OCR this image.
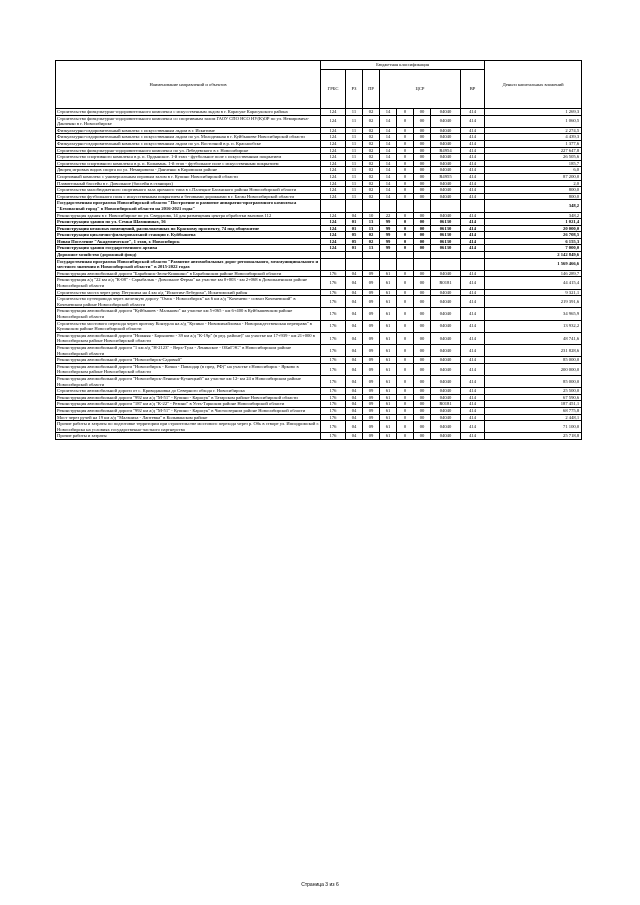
Наименование направлений и объектов	Бюджетная классификация								Деньги капитальных вложений
	ГРБС	РЗ	ПР	ЦСР				ВР	
Строительство физкультурно-оздоровительного комплекса с искусственным льдом в г. Карасуке Карасукского района	124	11	02	14	0	00	04040	414	1 269,3
Строительство физкультурно-оздоровительного комплекса со спортивным залом ГАОУ СПО НСО НУ(К)ОР по ул. Немировича-Данченко в г. Новосибирске	124	11	02	14	0	00	04040	414	1 060,5
Физкультурно-оздоровительный комплекс с искусственным льдом в г. Искитиме	124	11	02	14	0	00	04040	414	2 274,5
Физкультурно-оздоровительный комплекс с искусственным льдом по ул. Молодежная в г. Куйбышеве Новосибирской области	124	11	02	14	0	00	04040	414	4 439,3
Физкультурно-оздоровительный комплекс с искусственным льдом по ул. Восточной в р. п. Краснообске	124	11	02	14	0	00	04040	414	1 377,6
Строительство физкультурно-оздоровительного комплекса по ул. Лебедевского в г. Новосибирске	124	11	02	14	0	00	R4954	414	227 647,8
Строительство спортивного комплекса в р. п. Ордынское. 1-й этап - футбольное поле с искусственным покрытием	124	11	02	14	0	00	04040	414	26 505,6
Строительство спортивного комплекса в р. п. Колывань. 1-й этап - футбольное поле с искусственным покрытием	124	11	02	14	0	00	04040	414	185,7
Дворец игровых видов спорта по ул. Немировича - Данченко в Кировском районе	124	11	02	14	0	00	04040	414	6,0
Спортивный комплекс с универсальным игровым залом в г. Купино Новосибирской области	124	11	02	14	0	00	R4955	414	87 200,0
Плавательный бассейн в г. Довольное (бассейн в станицах)	124	11	02	14	0	00	04040	414	2,0
Строительство малобюджетного спортивного зала арочного типа в с.Палецкое Баганского района Новосибирской области	124	11	02	14	0	00	04040	414	800,0
Строительство футбольного поля с искусственным покрытием и беговыми дорожками в г. Баган Новосибирской области	124	11	02	14	0	00	04040	414	800,0
Государственная программа Новосибирской области "Построение и развитие аппаратно-программного комплекса "Безопасный город" в Новосибирской области на 2016-2021 годы"									348,2
Реконструкция здания в г. Новосибирске по ул. Свердлова, 14 для размещения центра обработки вызовов 112	124	04	10	22	0	00	04040	414	348,2
Реконструкция здания по ул. Семьи Шамшиных, 56	124	01	13	99	0	00	06130	414	1 021,4
Реконструкция нежилых помещений, расположенных по Красному проспекту, 74 под общежитие	124	01	13	99	0	00	06130	414	20 000,0
Реконструкция циклично-фильтровальной станции г. Куйбышева	124	05	02	99	0	00	06130	414	26 708,5
Новая Поселение "Академическое", 1 этап, г. Новосибирск	124	05	02	99	0	00	06130	414	6 155,3
Реконструкция здания государственного архива	124	01	13	99	0	00	06130	414	7 000,0
Дорожное хозяйство (дорожный фонд)									2 142 849,6
Государственная программа Новосибирской области "Развитие автомобильных дорог регионального, межмуниципального и местного значения в Новосибирской области" в 2015-2022 годах									1 569 466,6
Реконструкция автомобильной дороги "Барабинск-Зюзя-Кишкино" в Барабинском районе Новосибирской области	176	04	09	61	0	00	04040	414	146 289,7
Реконструкция а/д "22 км а/д "К-08" - Сарыбалык - Довольное Ферма" на участке км 0+003 - км 2+068 в Довольненском районе Новосибирской области	176	04	09	61	0	00	R0181	414	44 415,4
Строительство моста через реку Петушиха на 4 км а/д "Искитим-Лебедиха", Искитимский район	176	04	09	61	0	00	04040	414	9 321,1
Строительство путепровода через железную дорогу "Омск - Новосибирск" на 6 км а/д "Коченево - совхоз Коченевский" в Коченевском районе Новосибирской области	176	04	09	61	0	00	04040	414	219 391,6
Реконструкция автомобильной дороги "Куйбышев - Мальково" на участке км 5+065 - км 6+400 в Куйбышевском районе Новосибирской области	176	04	09	61	0	00	04040	414	34 965,9
Строительство мостового перехода через протоку Конзурла на а/д "Купино - Новомихайловка - Новорождественская переправа" в Купинском районе Новосибирской области	176	04	09	61	0	00	04040	414	13 932,2
Реконструкция автомобильной дороги "Нижняя - Барышево - 39 км а/д "К-19р" (в ред. районе)" на участке км 17+939 - км 21+000 в Новосибирском районе Новосибирской области	176	04	09	61	0	00	04040	414	48 741,6
Реконструкция автомобильной дороги "1 км а/д "Н-2123" - Верх-Тула - Ленинское - ОБиГЭС" в Новосибирском районе Новосибирской области	176	04	09	61	0	00	04040	414	231 828,6
Реконструкция автомобильной дороги "Новосибирск-Садовый"	176	04	09	61	0	00	04040	414	85 000,0
Реконструкция автомобильной дороги "Новосибирск - Кочки - Павлодар (в пред. РФ)" на участке г.Новосибирск - Ярково в Новосибирском районе Новосибирской области	176	04	09	61	0	00	04040	414	200 000,0
Реконструкция автомобильной дороги "Новосибирск-Ленинск-Кузнецкий" на участке км 12- км 24 в Новосибирском районе Новосибирской области	176	04	09	61	0	00	04040	414	85 000,0
Строительство автомобильной дороги от с. Криводановка до Северного обхода г. Новосибирска	176	04	09	61	0	00	04040	414	25 500,0
Реконструкция автомобильной дороги "992 км а/д "М-51" - Купино - Карасук" в Татарском районе Новосибирской области	176	04	09	61	0	00	04040	414	67 590,6
Реконструкция автомобильной дороги "187 км а/д "К-22" - Резино" в Усть-Таркском районе Новосибирской области	176	04	09	61	0	00	R0181	414	187 451,1
Реконструкция автомобильной дороги "992 км а/д "М-51" - Купино - Карасук" в Чистоозерном районе Новосибирской области	176	04	09	61	0	00	04040	414	68 775,8
Мост через ручей на 19 км а/д "Мальчиха - Лаптевка" в Колыванском районе	176	04	09	61	0	00	04040	414	2 448,1
Прочие работы и затраты по подготовке территории при строительстве мостового перехода через р. Обь в створе ул. Ипподромской г. Новосибирска на условиях государственно-частного партнерства	176	04	09	61	0	00	04040	414	71 100,0
Прочие работы и затраты	176	04	09	61	0	00	04040	414	25 718,8
Страница 3 из 6
